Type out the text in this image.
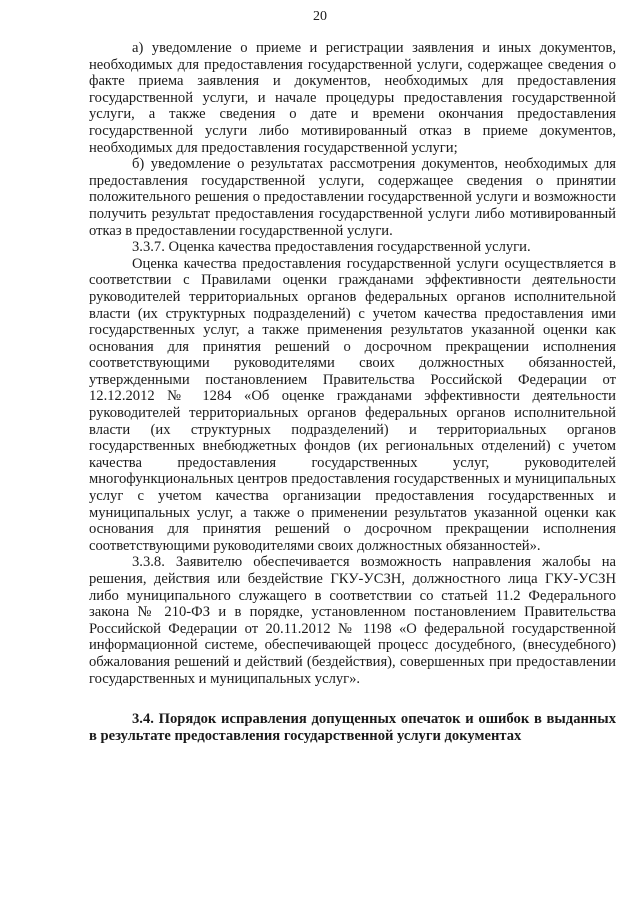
20

а) уведомление о приеме и регистрации заявления и иных документов, необходимых для предоставления государственной услуги, содержащее сведения о факте приема заявления и документов, необходимых для предоставления государственной услуги, и начале процедуры предоставления государственной услуги, а также сведения о дате и времени окончания предоставления государственной услуги либо мотивированный отказ в приеме документов, необходимых для предоставления государственной услуги;

б) уведомление о результатах рассмотрения документов, необходимых для предоставления государственной услуги, содержащее сведения о принятии положительного решения о предоставлении государственной услуги и возможности получить результат предоставления государственной услуги либо мотивированный отказ в предоставлении государственной услуги.

3.3.7. Оценка качества предоставления государственной услуги.

Оценка качества предоставления государственной услуги осуществляется в соответствии с Правилами оценки гражданами эффективности деятельности руководителей территориальных органов федеральных органов исполнительной власти (их структурных подразделений) с учетом качества предоставления ими государственных услуг, а также применения результатов указанной оценки как основания для принятия решений о досрочном прекращении исполнения соответствующими руководителями своих должностных обязанностей, утвержденными постановлением Правительства Российской Федерации от 12.12.2012 № 1284 «Об оценке гражданами эффективности деятельности руководителей территориальных органов федеральных органов исполнительной власти (их структурных подразделений) и территориальных органов государственных внебюджетных фондов (их региональных отделений) с учетом качества предоставления государственных услуг, руководителей многофункциональных центров предоставления государственных и муниципальных услуг с учетом качества организации предоставления государственных и муниципальных услуг, а также о применении результатов указанной оценки как основания для принятия решений о досрочном прекращении исполнения соответствующими руководителями своих должностных обязанностей».

3.3.8. Заявителю обеспечивается возможность направления жалобы на решения, действия или бездействие ГКУ-УСЗН, должностного лица ГКУ-УСЗН либо муниципального служащего в соответствии со статьей 11.2 Федерального закона № 210-ФЗ и в порядке, установленном постановлением Правительства Российской Федерации от 20.11.2012 № 1198 «О федеральной государственной информационной системе, обеспечивающей процесс досудебного, (внесудебного) обжалования решений и действий (бездействия), совершенных при предоставлении государственных и муниципальных услуг».

3.4. Порядок исправления допущенных опечаток и ошибок в выданных в результате предоставления государственной услуги документах
